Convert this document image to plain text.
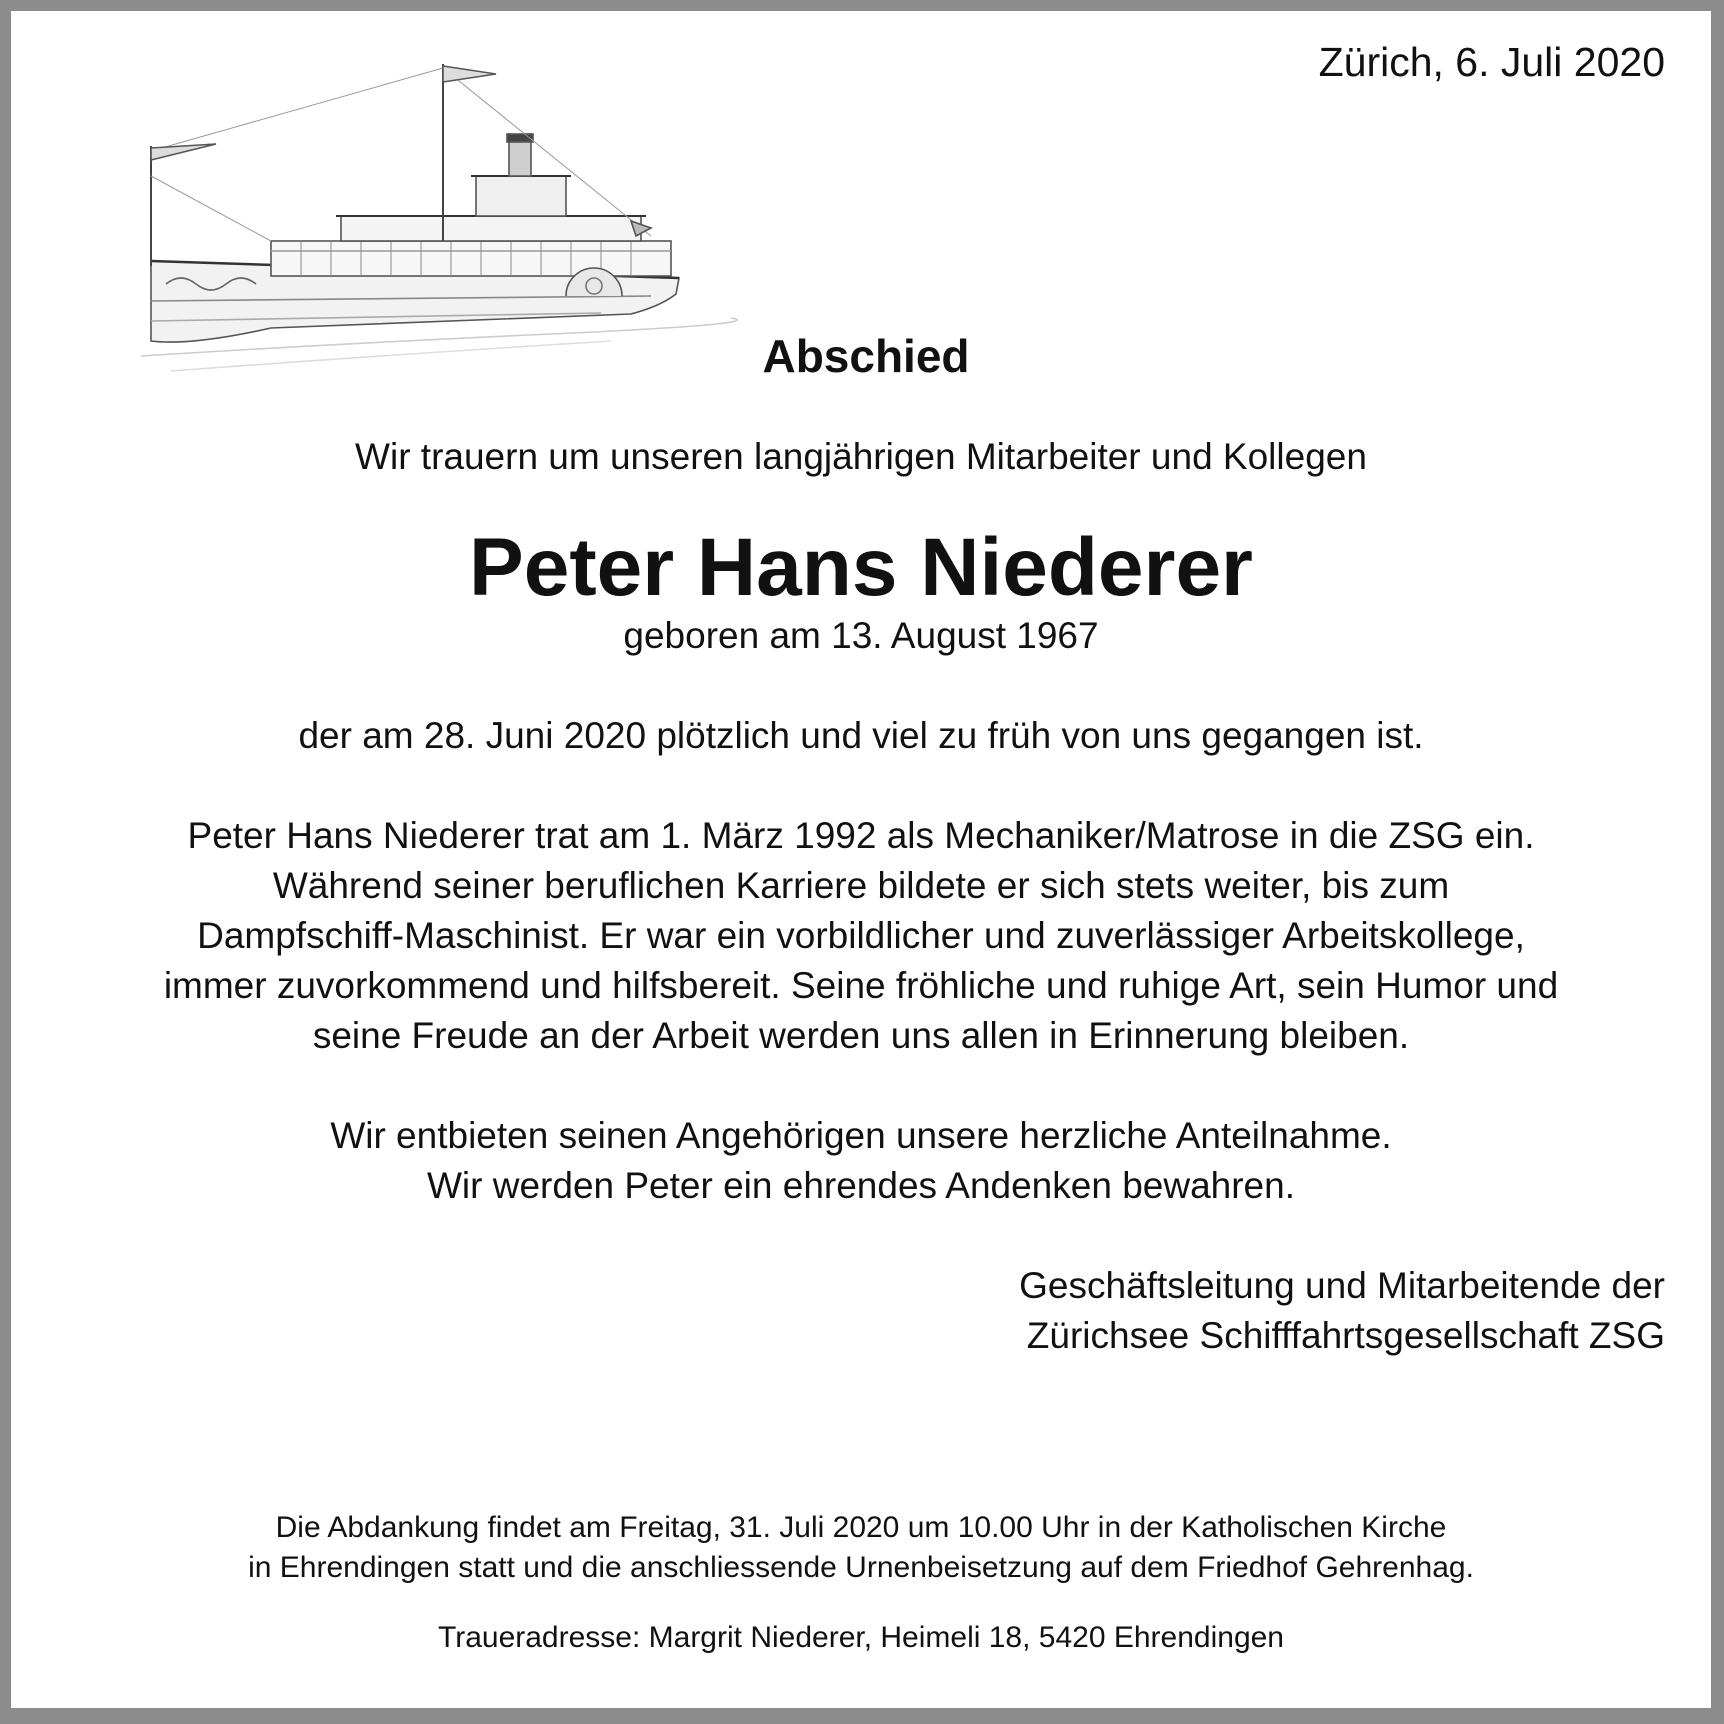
Zürich, 6. Juli 2020
Abschied
Wir trauern um unseren langjährigen Mitarbeiter und Kollegen
Peter Hans Niederer
geboren am 13. August 1967
der am 28. Juni 2020 plötzlich und viel zu früh von uns gegangen ist.
Peter Hans Niederer trat am 1. März 1992 als Mechaniker/Matrose in die ZSG ein.
Während seiner beruflichen Karriere bildete er sich stets weiter, bis zum
Dampfschiff-Maschinist. Er war ein vorbildlicher und zuverlässiger Arbeitskollege,
immer zuvorkommend und hilfsbereit. Seine fröhliche und ruhige Art, sein Humor und
seine Freude an der Arbeit werden uns allen in Erinnerung bleiben.
Wir entbieten seinen Angehörigen unsere herzliche Anteilnahme.
Wir werden Peter ein ehrendes Andenken bewahren.
Geschäftsleitung und Mitarbeitende der
Zürichsee Schifffahrtsgesellschaft ZSG
Die Abdankung findet am Freitag, 31. Juli 2020 um 10.00 Uhr in der Katholischen Kirche
in Ehrendingen statt und die anschliessende Urnenbeisetzung auf dem Friedhof Gehrenhag.
Traueradresse: Margrit Niederer, Heimeli 18, 5420 Ehrendingen
